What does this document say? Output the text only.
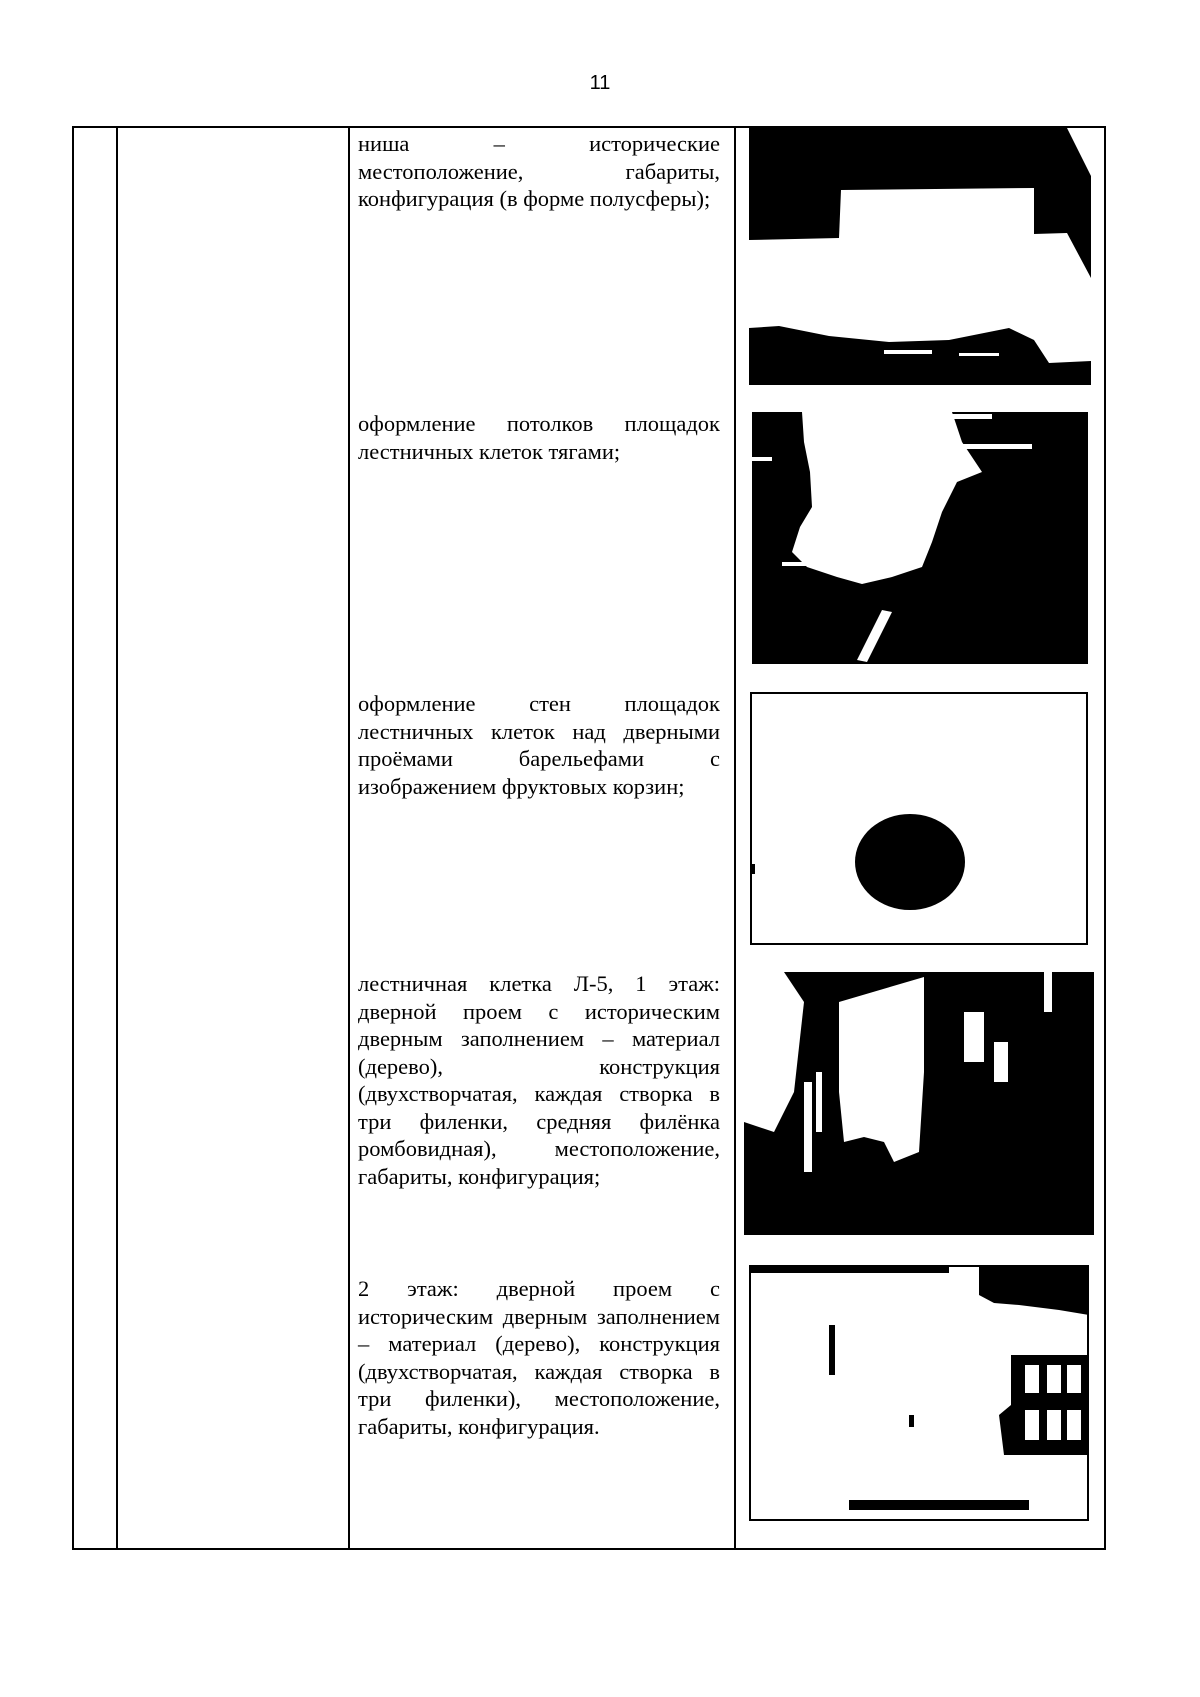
11
ниша – исторические местоположение, габариты, конфигурация (в форме полусферы);
оформление потолков площадок лестничных клеток тягами;
оформление стен площадок лестничных клеток над дверными проёмами барельефами с изображением фруктовых корзин;
лестничная клетка Л-5, 1 этаж: дверной проем с историческим дверным заполнением – материал (дерево), конструкция (двухстворчатая, каждая створка в три филенки, средняя филёнка ромбовидная), местоположение, габариты, конфигурация;
2 этаж: дверной проем с историческим дверным заполнением – материал (дерево), конструкция (двухстворчатая, каждая створка в три филенки), местоположение, габариты, конфигурация.
